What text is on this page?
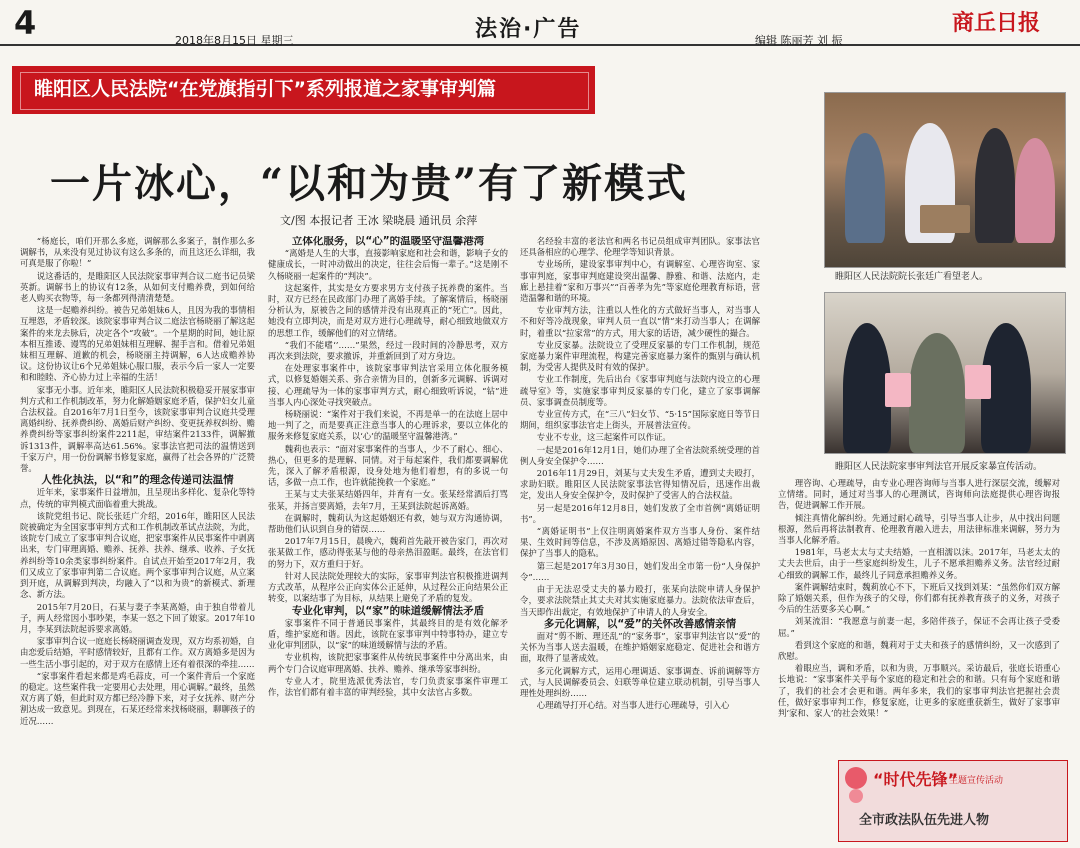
4	2018年8月15日 星期三	法治·广告	编辑 陈丽芳 刘 振
商丘日报
睢阳区人民法院“在党旗指引下”系列报道之家事审判篇
一片冰心，“以和为贵”有了新模式
文/图 本报记者 王冰 梁晓晨 通讯员 余萍

“杨庭长，咱们开那么多庭，调解那么多案子，制作那么多调解书，从来没有见过协议有这么多条的，而且这还么详细，我可真是服了你啦！”

说这番话的，是睢阳区人民法院家事审判合议二庭书记员梁英新。调解书上的协议有12条，从如何支付赡养费，到如何给老人购买衣物等，每一条都列得清清楚楚。

这是一起赡养纠纷。被告兄弟姐妹6人，且因为我的事情相互埋怨，矛盾较深。该院家事审判合议二庭法官杨晓丽了解这起案件的来龙去脉后，决定各个“攻破”。一个星期的时间，她让原本相互推诿、谩骂的兄弟姐妹相互理解、握手言和。借着兄弟姐妹相互理解、道歉的机会，杨晓丽主持调解，6人达成赡养协议。这份协议让6个兄弟姐妹心服口服，表示今后一家人一定要和和睦睦、齐心协力过上幸福的生活！

家事无小事。近年来，睢阳区人民法院积极稳妥开展家事审判方式和工作机制改革，努力化解婚姻家庭矛盾，保护妇女儿童合法权益。自2016年7月1日至今，该院家事审判合议庭共受理离婚纠纷、抚养费纠纷、离婚后财产纠纷、变更抚养权纠纷、赡养费纠纷等家事纠纷案件2211起，审结案件2133件，调解撤诉1313件，调解率高达61.56%。家事法官把司法的温情送到千家万户，用一份份调解书修复家庭，赢得了社会各界的广泛赞誉。

人性化执法，以“和”的理念传递司法温情

近年来，家事案件日益增加，且呈现出多样化、复杂化等特点，传统的审判模式面临着重大挑战。

该院党组书记、院长张廷广介绍，2016年，睢阳区人民法院被确定为全国家事审判方式和工作机制改革试点法院，为此，该院专门成立了家事审判合议庭，把家事案件从民事案件中剥离出来，专门审理离婚、赡养、抚养、扶养、继承、收养、子女抚养纠纷等10余类家事纠纷案件。自试点开始至2017年2月，我们又成立了家事审判第二合议庭。两个家事审判合议庭，从立案到开庭，从调解到判决，均融入了“以和为贵”的新模式、新理念、新方法。

2015年7月20日，石某与妻子李某离婚，由于独自带着儿子，两人经常因小事吵架，李某一怒之下回了娘家。2017年10月，李某到法院起诉要求离婚。

家事审判合议一庭庭长杨晓丽调查发现，双方均系初婚，自由恋爱后结婚，平时感情较好，且都有工作。双方离婚多是因为一些生活小事引起的，对于双方在感情上还有着很深的牵挂……

“家事案件看起来都是鸡毛蒜皮，可一个案件背后一个家庭的稳定。这些案件我一定要用心去处理，用心调解。”最终，虽然双方离了婚，但此时双方都已经冷静下来，对子女抚养、财产分割达成一致意见。到现在，石某还经常来找杨晓丽，聊聊孩子的近况……

立体化服务，以“心”的温暖坚守温馨港湾

“离婚是人生的大事，直接影响家庭和社会和谐，影响子女的健康成长，一时冲动做出的决定，往往会后悔一辈子。”这是刚不久杨晓丽一起案件的“判决”。

这起案件，其实是女方要求男方支付孩子抚养费的案件。当时，双方已经在民政部门办理了离婚手续。了解案情后，杨晓丽分析认为，原被告之间的感情并没有出现真正的“死亡”。因此，她没有立即判决，而是对双方进行心理疏导，耐心细致地做双方的思想工作，缓解他们的对立情绪。

“我们不能嗜‘’……”果然，经过一段时间的冷静思考，双方再次来到法院，要求撤诉，并重新回到了对方身边。

在处理家事案件中，该院家事审判法官采用立体化服务模式，以修复婚姻关系、弥合亲情为目的，创新多元调解、诉调对接、心理疏导为一体的家事审判方式，耐心细致听诉说，“钻”进当事人内心深处寻找突破点。

杨晓丽说：“案件对于我们来说，不再是单一的在法庭上居中地一判了之，而是要真正注意当事人的心理诉求，要以立体化的服务来修复家庭关系，以‘心’的温暖坚守温馨港湾。”

魏莉也表示：“面对家事案件的当事人，少不了耐心、细心、热心，但更多的是理解、同情。对于每起案件，我们都要调解优先，深入了解矛盾根源，设身处地为他们着想，有的多说一句话，多做一点工作，也许就能挽救一个家庭。”

王某与丈夫张某结婚四年，并育有一女。张某经常酒后打骂张某，并扬言要离婚，去年7月，王某到法院起诉离婚。

在调解时，魏莉认为这起婚姻还有救，她与双方沟通协调，帮助他们认识到自身的错误……

2017年7月15日，晨晚六，魏莉首先敲开被告家门，再次对张某做工作，感动得张某与他的母亲热泪盈眶。最终，在法官们的努力下，双方重归于好。

针对人民法院处理较大的实际，家事审判法官积极推进调判方式改革，从程序公正向实体公正延伸，从过程公正向结果公正转变，以案结事了为目标，从结果上避免了矛盾的复发。

专业化审判，以“家”的味道缓解情法矛盾

家事案件不同于普通民事案件，其最终目的是有效化解矛盾，维护家庭和谐。因此，该院在家事审判中特事特办，建立专业化审判团队，以“家”的味道缓解情与法的矛盾。

专业机构，该院把家事案件从传统民事案件中分离出来，由两个专门合议庭审理离婚、扶养、赡养、继承等家事纠纷。

专业人才，院里选派优秀法官，专门负责家事案件审理工作，法官们都有着丰富的审判经验，其中女法官占多数。

名经验丰富的老法官和两名书记员组成审判团队。家事法官还具备相应的心理学、伦理学等知识背景。

专业场所，建设家事审判中心，有调解室、心理咨询室、家事审判庭，家事审判庭建设突出温馨、静雅、和谐、法庭内，走廊上悬挂着“家和万事兴”“百善孝为先”等家庭伦理教育标语，营造温馨和谐的环境。

专业审判方法，注重以人性化的方式做好当事人，对当事人不和好等冷战现象，审判人员一直以“情”来打动当事人；在调解时，着重以“拉家常”的方式，用大家的话语，减少硬性的撮合。

专业反家暴。法院设立了受理反家暴的专门工作机制，规范家庭暴力案件审理流程，构建完善家庭暴力案件的甄别与确认机制，为受害人提供及时有效的保护。

专业工作制度，先后出台《家事审判庭与法院内设立的心理疏导室》等，实施家事审判反家暴的专门化，建立了家事调解员、家事调查员制度等。

专业宣传方式，在“三八”妇女节、“5·15”国际家庭日等节日期间，组织家事法官走上街头，开展普法宣传。

专业不专业，这三起案件可以作证。

一起是2016年12月1日，她们办理了全省法院系统受理的首例人身安全保护令……

2016年11月29日，刘某与丈夫发生矛盾，遭到丈夫殴打，求助妇联。睢阳区人民法院家事法官得知情况后，迅速作出裁定，发出人身安全保护令，及时保护了受害人的合法权益。

另一起是2016年12月8日，她们发放了全市首例“离婚证明书”。

“离婚证明书”上仅注明离婚案件双方当事人身份、案件结果、生效时间等信息，不涉及离婚原因、离婚过错等隐私内容，保护了当事人的隐私。

第三起是2017年3月30日，她们发出全市第一份“人身保护令”……

由于无法忍受丈夫的暴力殴打，张某向法院申请人身保护令，要求法院禁止其丈夫对其实施家庭暴力。法院依法审查后，当天即作出裁定，有效地保护了申请人的人身安全。

多元化调解，以“爱”的关怀改善感情亲情

面对“剪不断、理还乱”的“家务事”，家事审判法官以“爱”的关怀为当事人送去温暖，在维护婚姻家庭稳定、促进社会和谐方面，取得了显著成效。

多元化调解方式，运用心理调适、家事调查、诉前调解等方式，与人民调解委员会、妇联等单位建立联动机制，引导当事人理性处理纠纷……

心理疏导打开心结。对当事人进行心理疏导，引入心

理咨询、心理疏导，由专业心理咨询师与当事人进行深层交流，缓解对立情绪。同时，通过对当事人的心理测试，咨询师向法庭提供心理咨询报告，促进调解工作开展。

倾注真情化解纠纷。先通过耐心疏导，引导当事人让步，从中找出问题根源，然后再将法制教育、伦理教育融入进去，用法律标准来调解，努力为当事人化解矛盾。

1981年，马老太太与丈夫结婚，一直相濡以沫。2017年，马老太太的丈夫去世后，由于一些家庭纠纷发生，儿子不愿承担赡养义务。法官经过耐心细致的调解工作，最终儿子同意承担赡养义务。

案件调解结束时，魏莉放心不下，下班后又找到刘某：“虽然你们双方解除了婚姻关系，但作为孩子的父母，你们都有抚养教育孩子的义务，对孩子今后的生活要多关心啊。”

刘某流泪：“我愿意与前妻一起，多陪伴孩子，保证不会再让孩子受委屈。”

看到这个家庭的和谐，魏莉对于丈夫和孩子的感情纠纷，又一次感到了欣慰。

着眼应当，调和矛盾，以和为贵，万事顺兴。采访最后，张庭长语重心长地说：“家事案件关乎每个家庭的稳定和社会的和谐。只有每个家庭和谐了，我们的社会才会更和谐。两年多来，我们的家事审判法官把握社会责任，做好家事审判工作，修复家庭，让更多的家庭重获新生，做好了家事审判‘家和、家人’的社会效果！”

睢阳区人民法院院长张廷广看望老人。
睢阳区人民法院家事审判法官开展反家暴宣传活动。
“时代先锋”
主题宣传活动
全市政法队伍先进人物
